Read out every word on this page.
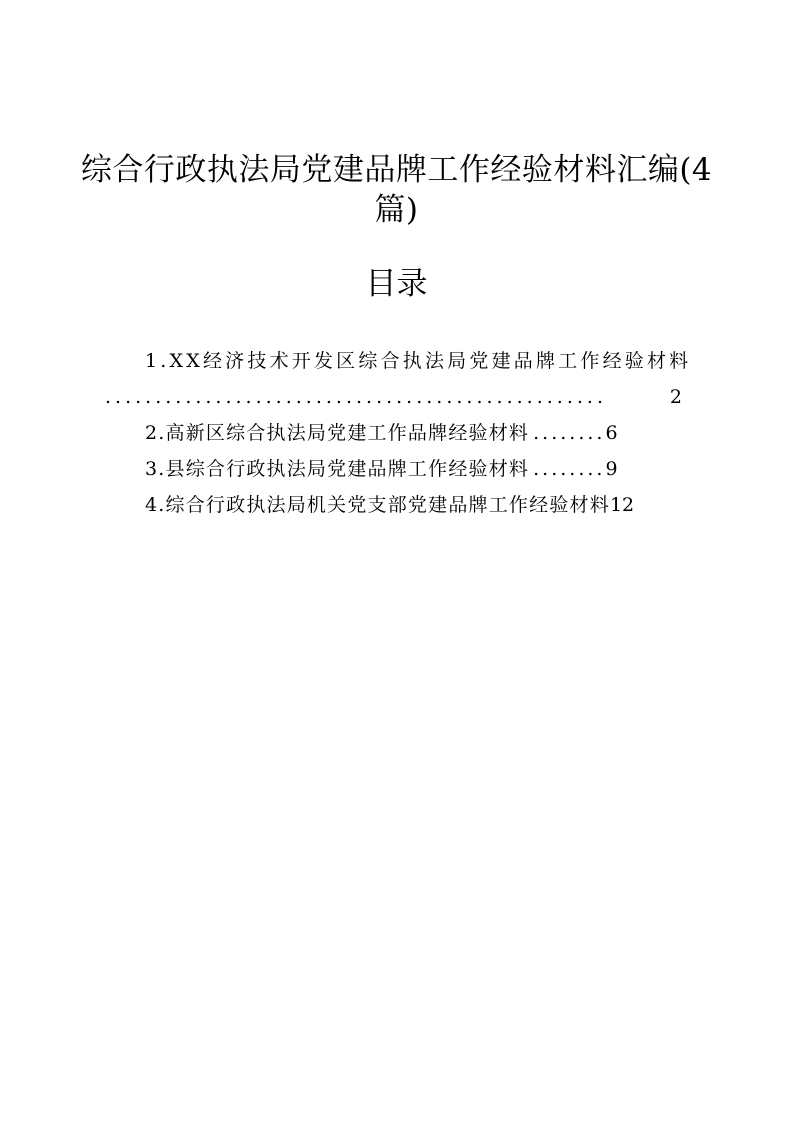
综合行政执法局党建品牌工作经验材料汇编(4篇)
目录
1.XX经济技术开发区综合执法局党建品牌工作经验材料
..................................................	2
2.高新区综合执法局党建工作品牌经验材料 ........ 6
3.县综合行政执法局党建品牌工作经验材料 ........ 9
4.综合行政执法局机关党支部党建品牌工作经验材料 12
